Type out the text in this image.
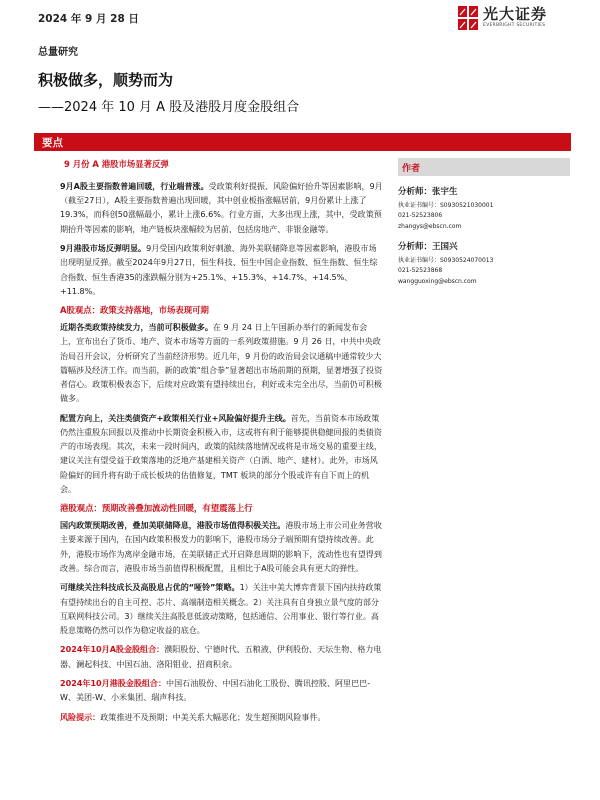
2024 年 9 月 28 日	光大证券
EVERBRIGHT SECURITIES
总量研究
积极做多，顺势而为
——2024 年 10 月 A 股及港股月度金股组合
要点
9 月份 A 港股市场显著反弹

9月A股主要指数普遍回暖，行业端普涨。受政策利好提振、风险偏好抬升等因素影响，9月（截至27日），A股主要指数普遍出现回暖，其中创业板指涨幅居前，9月份累计上涨了19.3%，而科创50涨幅最小，累计上涨6.6%。行业方面，大多出现上涨，其中，受政策预期抬升等因素的影响，地产链板块涨幅较为居前，包括房地产、非银金融等。

9月港股市场反弹明显。9月受国内政策利好刺激、海外美联储降息等因素影响，港股市场出现明显反弹。截至2024年9月27日，恒生科技、恒生中国企业指数、恒生指数、恒生综合指数、恒生香港35的涨跌幅分别为+25.1%、+15.3%、+14.7%、+14.5%、+11.8%。

A股观点：政策支持落地，市场表现可期

近期各类政策持续发力，当前可积极做多。在 9 月 24 日上午国新办举行的新闻发布会上，宣布出台了货币、地产、资本市场等方面的一系列政策措施。9 月 26 日，中共中央政治局召开会议，分析研究了当前经济形势。近几年，9 月份的政治局会议通稿中通常较少大篇幅涉及经济工作。而当前，新的政策“组合拳”显著超出市场前期的预期，显著增强了投资者信心。政策积极表态下，后续对应政策有望持续出台，利好或未完全出尽，当前仍可积极做多。

配置方向上，关注类债资产+政策相关行业+风险偏好提升主线。首先，当前资本市场政策仍然注重股东回报以及推动中长期资金积极入市，这或将有利于能够提供稳健回报的类债资产的市场表现。其次，未来一段时间内，政策的陆续落地情况或将是市场交易的重要主线，建议关注有望受益于政策落地的泛地产基建相关资产（白酒、地产、建材）。此外，市场风险偏好的回升将有助于成长板块的估值修复，TMT 板块的部分个股或许有自下而上的机会。

港股观点：预期改善叠加流动性回暖，有望震荡上行

国内政策预期改善，叠加美联储降息，港股市场值得积极关注。港股市场上市公司业务营收主要来源于国内，在国内政策积极发力的影响下，港股市场分子端预期有望持续改善。此外，港股市场作为离岸金融市场，在美联储正式开启降息周期的影响下，流动性也有望得到改善。综合而言，港股市场当前值得积极配置，且相比于A股可能会具有更大的弹性。

可继续关注科技成长及高股息占优的“哑铃”策略。1）关注中美大博弈背景下国内扶持政策有望持续出台的自主可控、芯片、高端制造相关概念。2）关注具有自身独立景气度的部分互联网科技公司。3）继续关注高股息低波动策略，包括通信、公用事业、银行等行业。高股息策略仍然可以作为稳定收益的底仓。

2024年10月A股金股组合：濮阳股份、宁德时代、五粮液、伊利股份、天坛生物、格力电器、澜起科技、中国石油、洛阳钼业、招商积余。

2024年10月港股金股组合：中国石油股份、中国石油化工股份、腾讯控股、阿里巴巴-W、美团-W、小米集团、瑞声科技。

风险提示：政策推进不及预期；中美关系大幅恶化；发生超预期风险事件。

作者
分析师：张宇生
执业证书编号：S0930521030001
021-52523806
zhangys@ebscn.com
分析师：王国兴
执业证书编号：S0930524070013
021-52523868
wangguoxing@ebscn.com
